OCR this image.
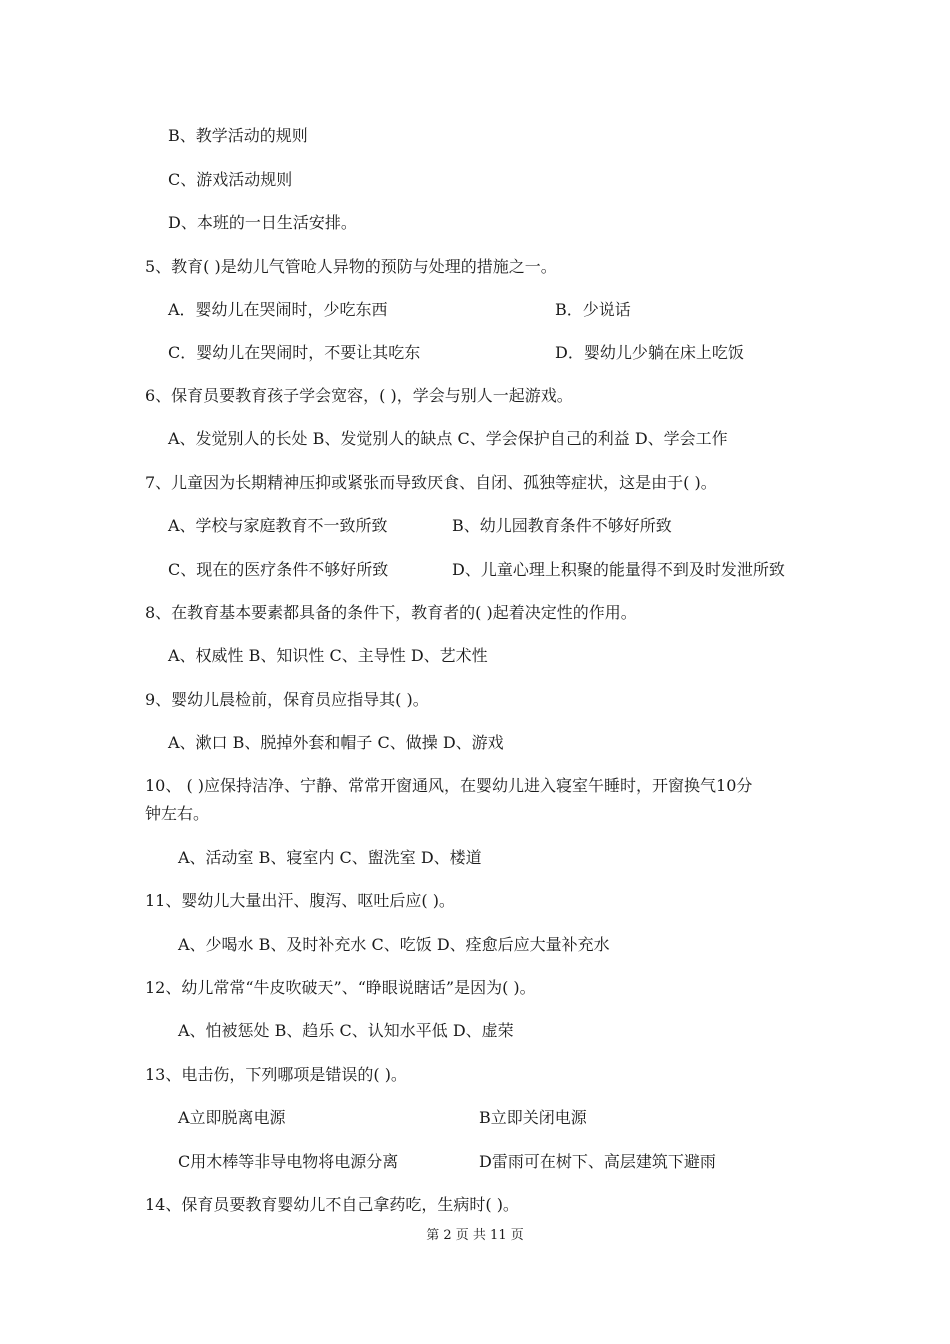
B、教学活动的规则
C、游戏活动规则
D、本班的一日生活安排。
5、教育( )是幼儿气管呛人异物的预防与处理的措施之一。
A．婴幼儿在哭闹时，少吃东西	B．少说话
C．婴幼儿在哭闹时，不要让其吃东	D．婴幼儿少躺在床上吃饭
6、保育员要教育孩子学会宽容，( )，学会与别人一起游戏。
A、发觉别人的长处 B、发觉别人的缺点 C、学会保护自己的利益 D、学会工作
7、儿童因为长期精神压抑或紧张而导致厌食、自闭、孤独等症状，这是由于( )。
A、学校与家庭教育不一致所致	B、幼儿园教育条件不够好所致
C、现在的医疗条件不够好所致	D、儿童心理上积聚的能量得不到及时发泄所致
8、在教育基本要素都具备的条件下，教育者的( )起着决定性的作用。
A、权威性 B、知识性 C、主导性 D、艺术性
9、婴幼儿晨检前，保育员应指导其( )。
A、漱口 B、脱掉外套和帽子 C、做操 D、游戏
10、 ( )应保持洁净、宁静、常常开窗通风，在婴幼儿进入寝室午睡时，开窗换气10分
钟左右。
A、活动室 B、寝室内 C、盥洗室 D、楼道
11、婴幼儿大量出汗、腹泻、呕吐后应( )。
A、少喝水 B、及时补充水 C、吃饭 D、痊愈后应大量补充水
12、幼儿常常“牛皮吹破天”、“睁眼说瞎话”是因为( )。
A、怕被惩处 B、趋乐 C、认知水平低 D、虚荣
13、电击伤，下列哪项是错误的( )。
A立即脱离电源	B立即关闭电源
C用木棒等非导电物将电源分离	D雷雨可在树下、高层建筑下避雨
14、保育员要教育婴幼儿不自己拿药吃，生病时( )。
第 2 页 共 11 页
